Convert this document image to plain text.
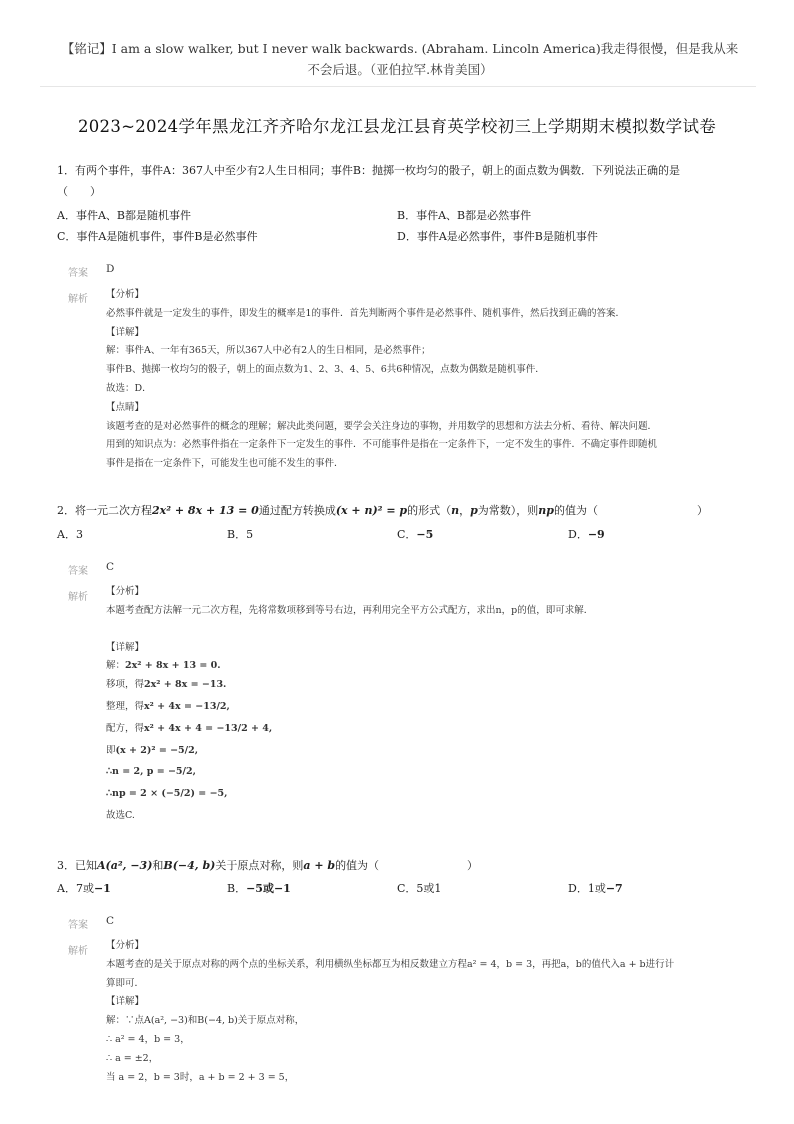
【铭记】I am a slow walker, but I never walk backwards. (Abraham. Lincoln America)我走得很慢，但是我从来
不会后退。（亚伯拉罕.林肯美国）
2023~2024学年黑龙江齐齐哈尔龙江县龙江县育英学校初三上学期期末模拟数学试卷
1．有两个事件，事件A：367人中至少有2人生日相同；事件B：抛掷一枚均匀的骰子，朝上的面点数为偶数．下列说法正确的是
（　　）
A．事件A、B都是随机事件	B．事件A、B都是必然事件
C．事件A是随机事件，事件B是必然事件	D．事件A是必然事件，事件B是随机事件
答案 D
解析 【分析】
必然事件就是一定发生的事件，即发生的概率是1的事件．首先判断两个事件是必然事件、随机事件，然后找到正确的答案．
【详解】
解：事件A、一年有365天，所以367人中必有2人的生日相同，是必然事件；
事件B、抛掷一枚均匀的骰子，朝上的面点数为1、2、3、4、5、6共6种情况，点数为偶数是随机事件．
故选：D．
【点睛】
该题考查的是对必然事件的概念的理解；解决此类问题，要学会关注身边的事物，并用数学的思想和方法去分析、看待、解决问题．
用到的知识点为：必然事件指在一定条件下一定发生的事件．不可能事件是指在一定条件下，一定不发生的事件．不确定事件即随机
事件是指在一定条件下，可能发生也可能不发生的事件．
2．将一元二次方程2x² + 8x + 13 = 0通过配方转换成(x + n)² = p的形式（n，p为常数），则np的值为（　　　　　　　　　）
A．3	B．5	C．−5	D．−9
答案 C
解析
【分析】
本题考查配方法解一元二次方程，先将常数项移到等号右边，再利用完全平方公式配方，求出n，p的值，即可求解．
【详解】
解：2x² + 8x + 13 = 0.
移项，得2x² + 8x = −13.
整理，得x² + 4x = −13/2,
配方，得x² + 4x + 4 = −13/2 + 4,
即(x + 2)² = −5/2,
∴n = 2, p = −5/2,
∴np = 2 × (−5/2) = −5,
故选C.
3．已知A(a², −3)和B(−4, b)关于原点对称，则a + b的值为（　　　　　　　　）
A．7或−1	B．−5或−1	C．5或1	D．1或−7
答案 C
解析
【分析】
本题考查的是关于原点对称的两个点的坐标关系，利用横纵坐标都互为相反数建立方程a² = 4，b = 3，再把a，b的值代入a + b进行计
算即可．
【详解】
解：∵点A(a², −3)和B(−4, b)关于原点对称，
∴ a² = 4，b = 3，
∴ a = ±2，
当 a = 2，b = 3时，a + b = 2 + 3 = 5，
